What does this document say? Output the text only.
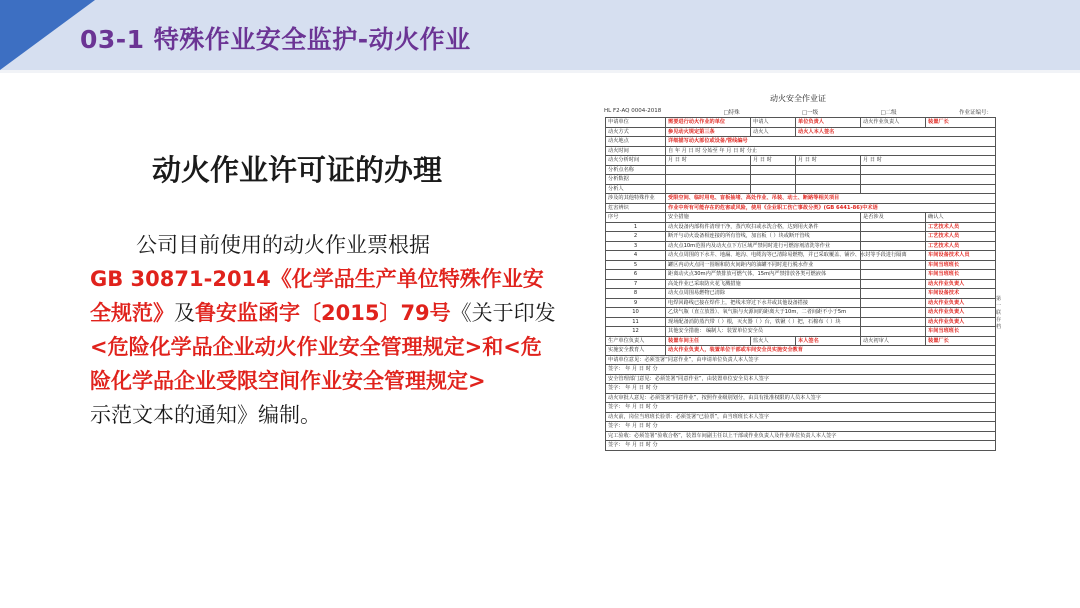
03-1 特殊作业安全监护-动火作业
动火作业许可证的办理
公司目前使用的动火作业票根据
GB 30871-2014《化学品生产单位特殊作业安全规范》及鲁安监函字〔2015〕79号《关于印发<危险化学品企业动火作业安全管理规定>和<危险化学品企业受限空间作业安全管理规定>
示范文本的通知》编制。
动火安全作业证
HL F2-AQ 0004-2018	□特殊	□一级	□二级	作业证编号：
申请单位	需要进行动火作业的单位	申请人	单位负责人	动火作业负责人	装置厂长
动火方式	参见动火规定第三条	动火人	动火人本人签名		
动火地点	详细描写动火部位或设备/管线编号				
动火时间	自 年 月 日 时 分始至 年 月 日 时 分止				
动火分析时间	月 日 时	月 日 时	月 日 时	月 日 时	
分析点名称					
分析数据					
分析人					
涉及的其他特殊作业	受限空间、临时用电、盲板抽堵、高处作业、吊装、动土、断路等相关项目				
危害辨识	作业中所有可能存在的危害或风险，使用《企业职工伤亡事故分类》(GB 6441-86)中术语				
序号	安全措施			是否涉及	确认人
1	动火设备内部构件清理干净，蒸汽吹扫或水洗合格，达到用火条件				工艺技术人员
2	断开与动火设备相连接的所有管线，加盲板（ ）块或断开管线				工艺技术人员
3	动火点10m范围内及动火点下方区域严禁同时进行可燃溶剂清洗等作业				工艺技术人员
4	动火点周围的下水井、地漏、地沟、电缆沟等已清除易燃物，并已采取覆盖、铺沙、水封等手段进行隔离				车间设备技术人员
5	罐区内动火点同一围堰和防火间距内的油罐不同时进行脱水作业				车间当班班长
6	距离动火点30m内严禁排放可燃气体，15m内严禁排放各类可燃液体				车间当班班长
7	高处作业已采取防火花飞溅措施				动火作业负责人
8	动火点周围易燃物已清除				车间设备技术
9	电焊回路线已接在焊件上，把线未穿过下水井或其他设备搭接				动火作业负责人
10	乙炔气瓶（直立放置）、氧气瓶与火源间的距离大于10m，二者间距不小于5m				动火作业负责人
11	现场配备消防蒸汽带（ ）根，灭火器（ ）台，铁锹（ ）把，石棉布（ ）块				动火作业负责人
12	其他安全措施： 编制人：装置单位安全员				车间当班班长
生产单位负责人	装置车间主任	监火人	本人签名	动火初审人	装置厂长
实施安全教育人	动火作业负责人，装置单位干部或车间安全员实施安全教育				
申请单位意见：必须签署“同意作业”，由申请单位负责人本人签字					
签字： 年 月 日 时 分					
安全管理部门意见：必须签署“同意作业”，由装置单位安全员本人签字					
签字： 年 月 日 时 分					
动火审批人意见：必须签署“同意作业”，按照作业级别划分，由具有批准权限的人员本人签字					
签字： 年 月 日 时 分					
动火前，岗位当班班长验票：必须签署“已验票”，由当班班长本人签字					
签字： 年 月 日 时 分					
完工验收：必须签署“验收合格”，装置车间副主任以上干部或作业负责人及作业单位负责人本人签字					
签字： 年 月 日 时 分					
第一联存档
